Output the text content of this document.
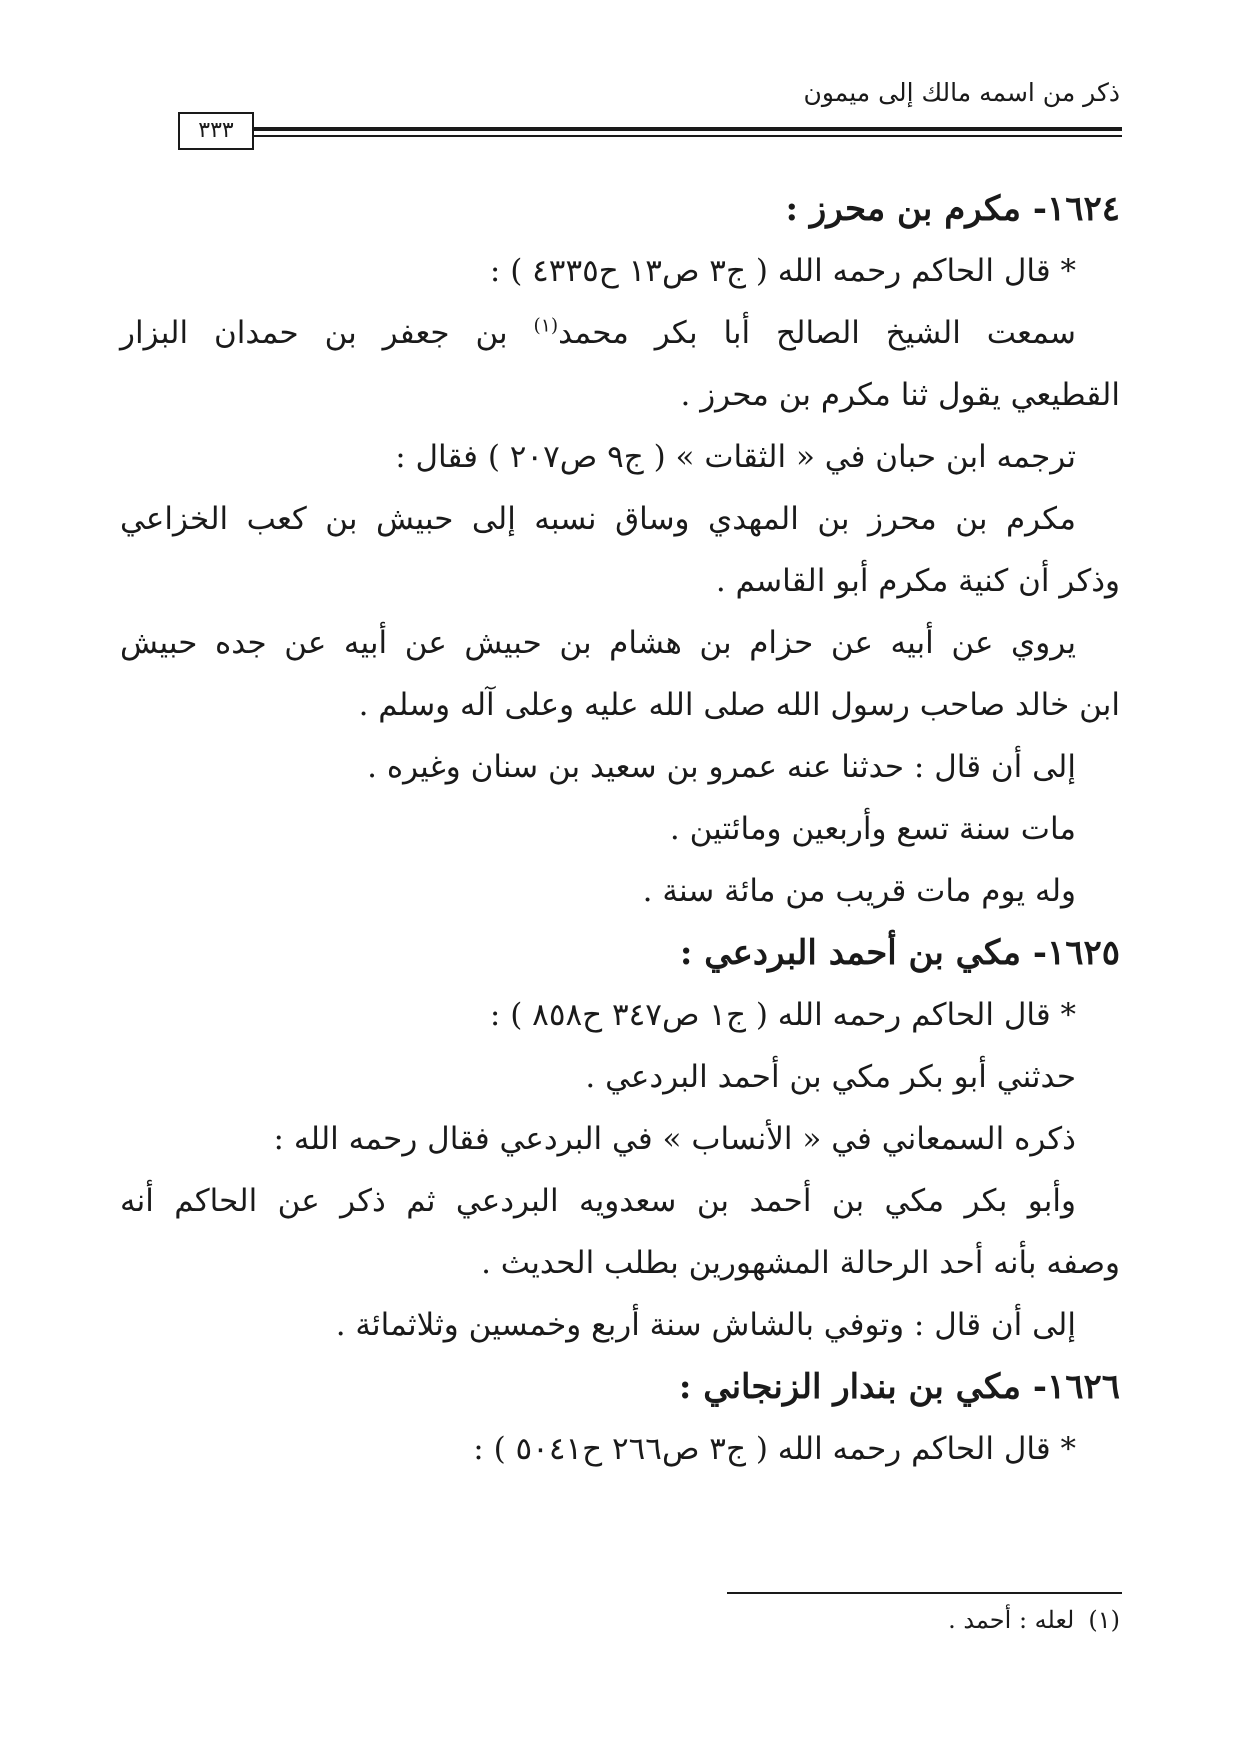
ذكر من اسمه مالك إلى ميمون
٣٣٣
١٦٢٤- مكرم بن محرز :
* قال الحاكم رحمه الله ( ج٣ ص١٣ ح٤٣٣٥ ) :
سمعت الشيخ الصالح أبا بكر محمد$^{(١)}$ بن جعفر بن حمدان البزار
القطيعي يقول ثنا مكرم بن محرز .
ترجمه ابن حبان في « الثقات » ( ج٩ ص٢٠٧ ) فقال :
مكرم بن محرز بن المهدي وساق نسبه إلى حبيش بن كعب الخزاعي
وذكر أن كنية مكرم أبو القاسم .
يروي عن أبيه عن حزام بن هشام بن حبيش عن أبيه عن جده حبيش
ابن خالد صاحب رسول الله صلى الله عليه وعلى آله وسلم .
إلى أن قال : حدثنا عنه عمرو بن سعيد بن سنان وغيره .
مات سنة تسع وأربعين ومائتين .
وله يوم مات قريب من مائة سنة .
١٦٢٥- مكي بن أحمد البردعي :
* قال الحاكم رحمه الله ( ج١ ص٣٤٧ ح٨٥٨ ) :
حدثني أبو بكر مكي بن أحمد البردعي .
ذكره السمعاني في « الأنساب » في البردعي فقال رحمه الله :
وأبو بكر مكي بن أحمد بن سعدويه البردعي ثم ذكر عن الحاكم أنه
وصفه بأنه أحد الرحالة المشهورين بطلب الحديث .
إلى أن قال : وتوفي بالشاش سنة أربع وخمسين وثلاثمائة .
١٦٢٦- مكي بن بندار الزنجاني :
* قال الحاكم رحمه الله ( ج٣ ص٢٦٦ ح٥٠٤١ ) :
(١)لعله : أحمد .
